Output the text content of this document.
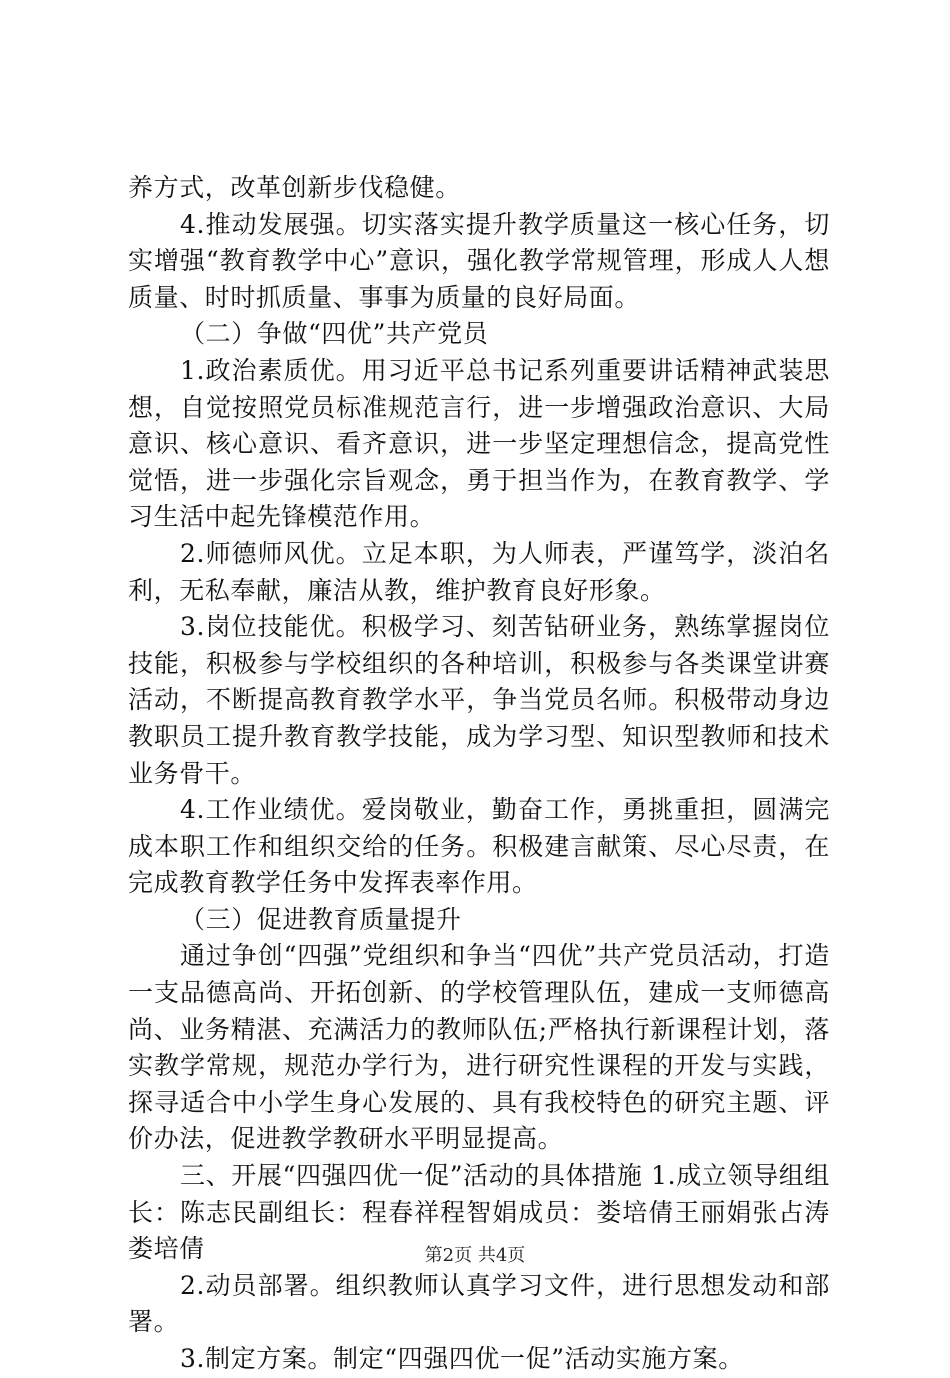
养方式，改革创新步伐稳健。

4.推动发展强。切实落实提升教学质量这一核心任务，切实增强“教育教学中心”意识，强化教学常规管理，形成人人想质量、时时抓质量、事事为质量的良好局面。

（二）争做“四优”共产党员

1.政治素质优。用习近平总书记系列重要讲话精神武装思想，自觉按照党员标准规范言行，进一步增强政治意识、大局意识、核心意识、看齐意识，进一步坚定理想信念，提高党性觉悟，进一步强化宗旨观念，勇于担当作为，在教育教学、学习生活中起先锋模范作用。

2.师德师风优。立足本职，为人师表，严谨笃学，淡泊名利，无私奉献，廉洁从教，维护教育良好形象。

3.岗位技能优。积极学习、刻苦钻研业务，熟练掌握岗位技能，积极参与学校组织的各种培训，积极参与各类课堂讲赛活动，不断提高教育教学水平，争当党员名师。积极带动身边教职员工提升教育教学技能，成为学习型、知识型教师和技术业务骨干。

4.工作业绩优。爱岗敬业，勤奋工作，勇挑重担，圆满完成本职工作和组织交给的任务。积极建言献策、尽心尽责，在完成教育教学任务中发挥表率作用。

（三）促进教育质量提升

通过争创“四强”党组织和争当“四优”共产党员活动，打造一支品德高尚、开拓创新、的学校管理队伍，建成一支师德高尚、业务精湛、充满活力的教师队伍;严格执行新课程计划，落实教学常规，规范办学行为，进行研究性课程的开发与实践，探寻适合中小学生身心发展的、具有我校特色的研究主题、评价办法，促进教学教研水平明显提高。

三、开展“四强四优一促”活动的具体措施 1.成立领导组组长：陈志民副组长：程春祥程智娟成员：娄培倩王丽娟张占涛娄培倩

2.动员部署。组织教师认真学习文件，进行思想发动和部署。

3.制定方案。制定“四强四优一促”活动实施方案。

第2页 共4页
